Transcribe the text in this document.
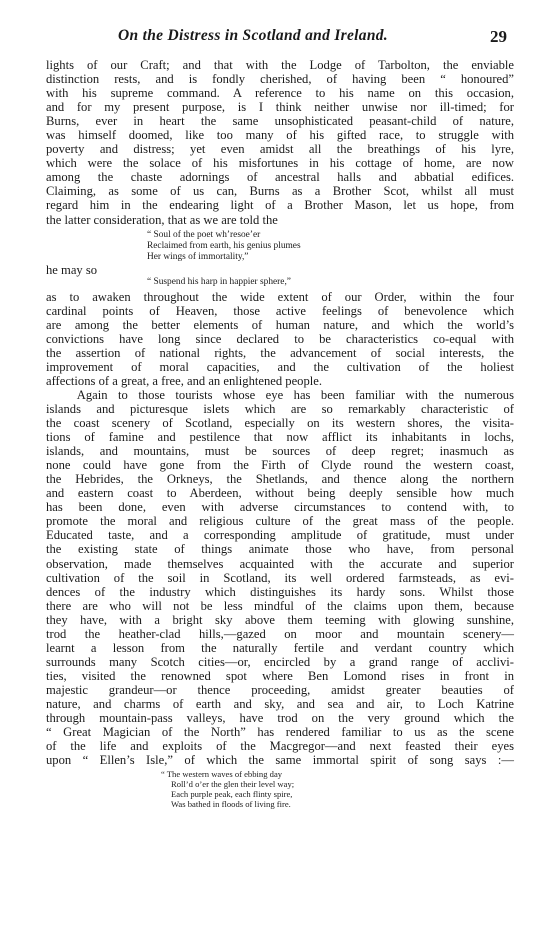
On the Distress in Scotland and Ireland.	29
lights of our Craft; and that with the Lodge of Tarbolton, the enviable
distinction rests, and is fondly cherished, of having been “ honoured”
with his supreme command. A reference to his name on this occasion,
and for my present purpose, is I think neither unwise nor ill-timed; for
Burns, ever in heart the same unsophisticated peasant-child of nature,
was himself doomed, like too many of his gifted race, to struggle with
poverty and distress; yet even amidst all the breathings of his lyre,
which were the solace of his misfortunes in his cottage of home, are now
among the chaste adornings of ancestral halls and abbatial edifices.
Claiming, as some of us can, Burns as a Brother Scot, whilst all must
regard him in the endearing light of a Brother Mason, let us hope, from
the latter consideration, that as we are told the
“ Soul of the poet wh’resoe’er
Reclaimed from earth, his genius plumes
Her wings of immortality,”
he may so
“ Suspend his harp in happier sphere,”
as to awaken throughout the wide extent of our Order, within the four
cardinal points of Heaven, those active feelings of benevolence which
are among the better elements of human nature, and which the world’s
convictions have long since declared to be characteristics co-equal with
the assertion of national rights, the advancement of social interests, the
improvement of moral capacities, and the cultivation of the holiest
affections of a great, a free, and an enlightened people.
Again to those tourists whose eye has been familiar with the numerous
islands and picturesque islets which are so remarkably characteristic of
the coast scenery of Scotland, especially on its western shores, the visita-
tions of famine and pestilence that now afflict its inhabitants in lochs,
islands, and mountains, must be sources of deep regret; inasmuch as
none could have gone from the Firth of Clyde round the western coast,
the Hebrides, the Orkneys, the Shetlands, and thence along the northern
and eastern coast to Aberdeen, without being deeply sensible how much
has been done, even with adverse circumstances to contend with, to
promote the moral and religious culture of the great mass of the people.
Educated taste, and a corresponding amplitude of gratitude, must under
the existing state of things animate those who have, from personal
observation, made themselves acquainted with the accurate and superior
cultivation of the soil in Scotland, its well ordered farmsteads, as evi-
dences of the industry which distinguishes its hardy sons. Whilst those
there are who will not be less mindful of the claims upon them, because
they have, with a bright sky above them teeming with glowing sunshine,
trod the heather-clad hills,—gazed on moor and mountain scenery—
learnt a lesson from the naturally fertile and verdant country which
surrounds many Scotch cities—or, encircled by a grand range of acclivi-
ties, visited the renowned spot where Ben Lomond rises in front in
majestic grandeur—or thence proceeding, amidst greater beauties of
nature, and charms of earth and sky, and sea and air, to Loch Katrine
through mountain-pass valleys, have trod on the very ground which the
“ Great Magician of the North” has rendered familiar to us as the scene
of the life and exploits of the Macgregor—and next feasted their eyes
upon “ Ellen’s Isle,” of which the same immortal spirit of song says :—
“ The western waves of ebbing day
Roll’d o’er the glen their level way;
Each purple peak, each flinty spire,
Was bathed in floods of living fire.
